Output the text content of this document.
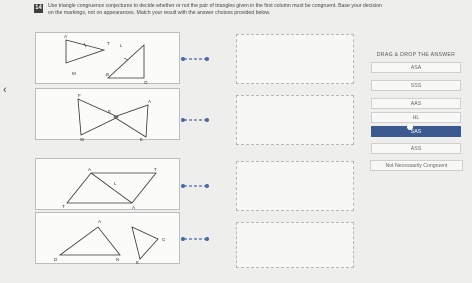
14 Use triangle congruence conjectures to decide whether or not the pair of triangles given in the first column must be congruent. Base your decision on the markings, not on appearances. Match your result with the answer choices provided below.
‹
A
T L
M	B
O
F
A
E
W	E
A	T
L
T	A
A
C
D	N
E
DRAG & DROP THE ANSWER
ASA
SSS
AAS
HL
SAS
ASS
Not Necessarily Congruent
